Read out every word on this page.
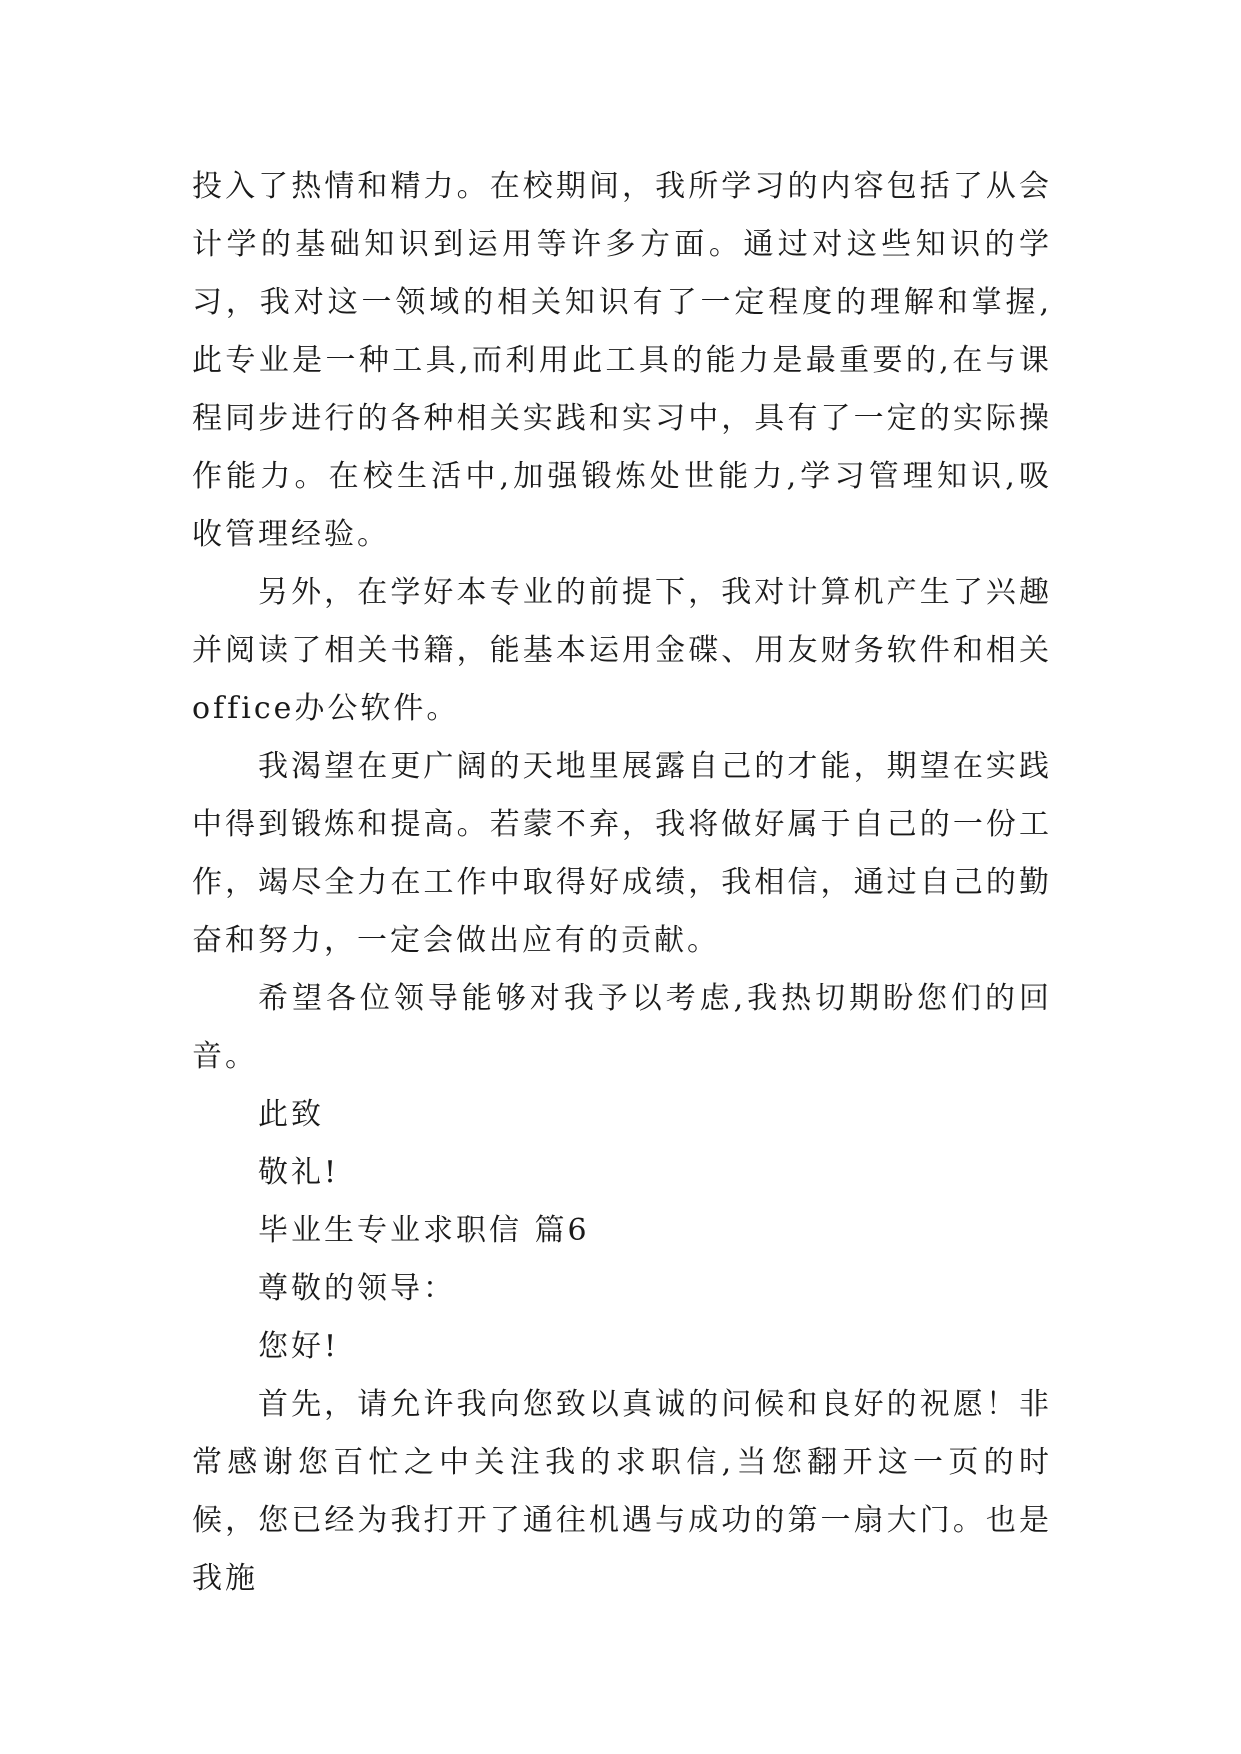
投入了热情和精力。在校期间，我所学习的内容包括了从会计学的基础知识到运用等许多方面。通过对这些知识的学习，我对这一领域的相关知识有了一定程度的理解和掌握,此专业是一种工具,而利用此工具的能力是最重要的,在与课程同步进行的各种相关实践和实习中，具有了一定的实际操作能力。在校生活中,加强锻炼处世能力,学习管理知识,吸收管理经验。

另外，在学好本专业的前提下，我对计算机产生了兴趣并阅读了相关书籍，能基本运用金碟、用友财务软件和相关office办公软件。

我渴望在更广阔的天地里展露自己的才能，期望在实践中得到锻炼和提高。若蒙不弃，我将做好属于自己的一份工作，竭尽全力在工作中取得好成绩，我相信，通过自己的勤奋和努力，一定会做出应有的贡献。

希望各位领导能够对我予以考虑,我热切期盼您们的回音。

此致

敬礼!

毕业生专业求职信 篇6

尊敬的领导：

您好!

首先，请允许我向您致以真诚的问候和良好的祝愿！非常感谢您百忙之中关注我的求职信,当您翻开这一页的时候，您已经为我打开了通往机遇与成功的第一扇大门。也是我施
